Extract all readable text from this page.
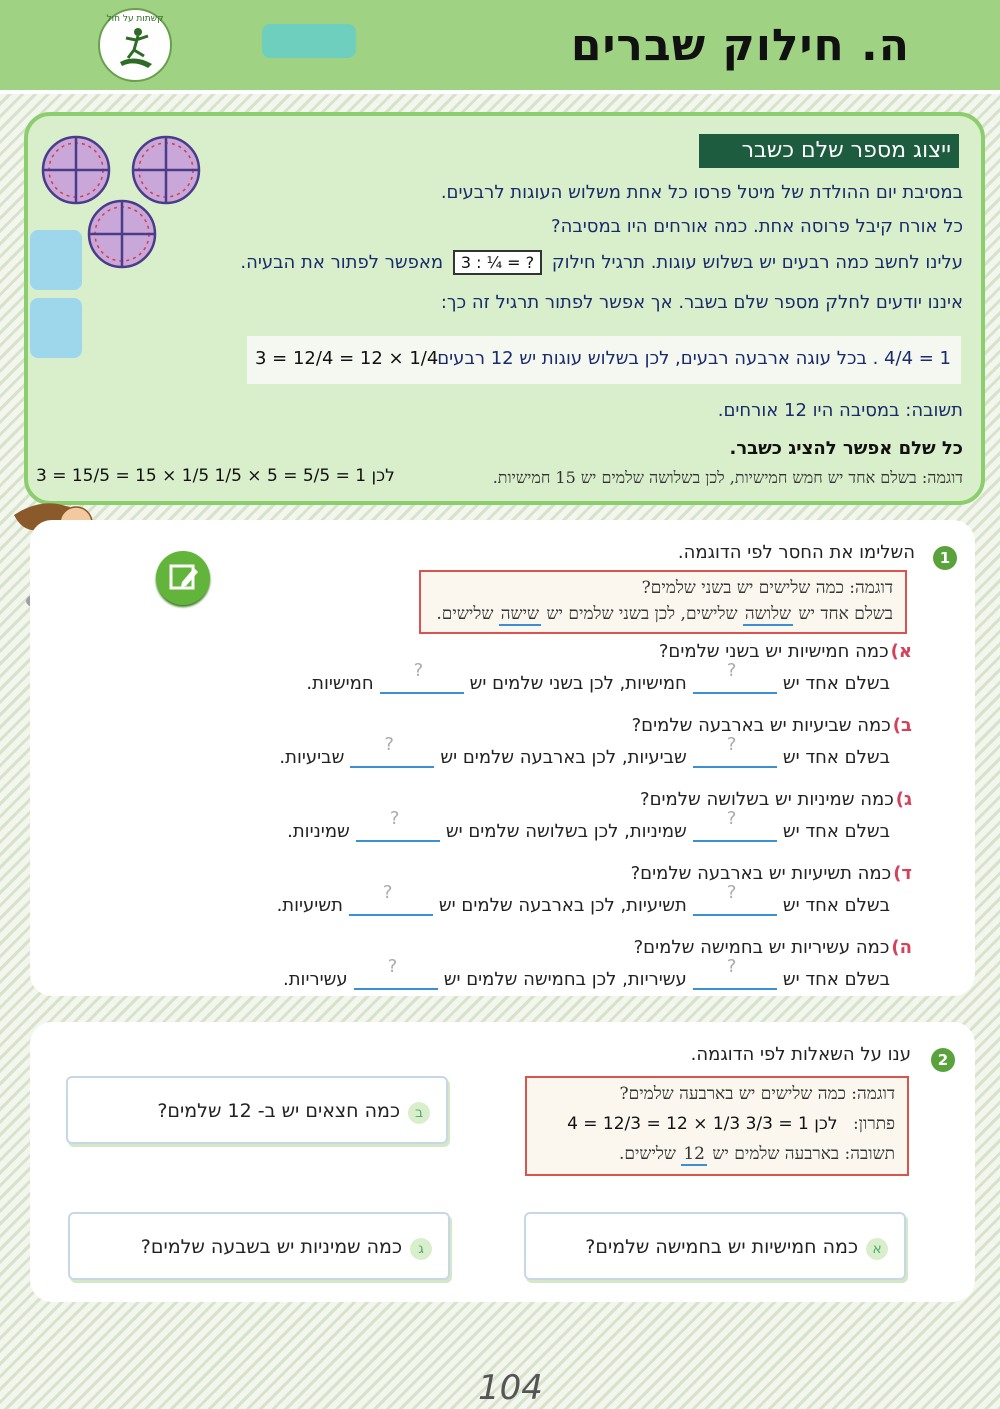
ה. חילוק שברים
קשתות על חול
ייצוג מספר שלם כשבר
במסיבת יום ההולדת של מיטל פרסו כל אחת משלוש העוגות לרבעים.
כל אורח קיבל פרוסה אחת. כמה אורחים היו במסיבה?
עלינו לחשב כמה רבעים יש בשלוש עוגות. תרגיל חילוק 3 : ¼ = ? מאפשר לפתור את הבעיה.
איננו יודעים לחלק מספר שלם בשבר. אך אפשר לפתור תרגיל זה כך:
1 = 4/4 . בכל עוגה ארבעה רבעים, לכן בשלוש עוגות יש 12 רבעים.
3 = 12/4 = 12 × 1/4
תשובה: במסיבה היו 12 אורחים.
כל שלם אפשר להציג כשבר.
דוגמה: בשלם אחד יש חמש חמישיות, לכן בשלושה שלמים יש 15 חמישיות.
3 = 15/5 = 15 × 1/5 לכן 1 = 5/5 = 5 × 1/5
1
השלימו את החסר לפי הדוגמה.
דוגמה: כמה שלישים יש בשני שלמים?
בשלם אחד יש שלושה שלישים, לכן בשני שלמים יש שישה שלישים.
א)כמה חמישיות יש בשני שלמים?
בשלם אחד יש
?
חמישיות, לכן בשני שלמים יש
?
חמישיות.
ב)כמה שביעיות יש בארבעה שלמים?
בשלם אחד יש
?
שביעיות, לכן בארבעה שלמים יש
?
שביעיות.
ג)כמה שמיניות יש בשלושה שלמים?
בשלם אחד יש
?
שמיניות, לכן בשלושה שלמים יש
?
שמיניות.
ד)כמה תשיעיות יש בארבעה שלמים?
בשלם אחד יש
?
תשיעיות, לכן בארבעה שלמים יש
?
תשיעיות.
ה)כמה עשיריות יש בחמישה שלמים?
בשלם אחד יש
?
עשיריות, לכן בחמישה שלמים יש
?
עשיריות.
2
ענו על השאלות לפי הדוגמה.
דוגמה: כמה שלישים יש בארבעה שלמים?
פתרון: 4 = 12/3 = 12 × 1/3 לכן 1 = 3/3
תשובה: בארבעה שלמים יש 12 שלישים.
בכמה חצאים יש ב- 12 שלמים?
אכמה חמישיות יש בחמישה שלמים?
גכמה שמיניות יש בשבעה שלמים?
104
